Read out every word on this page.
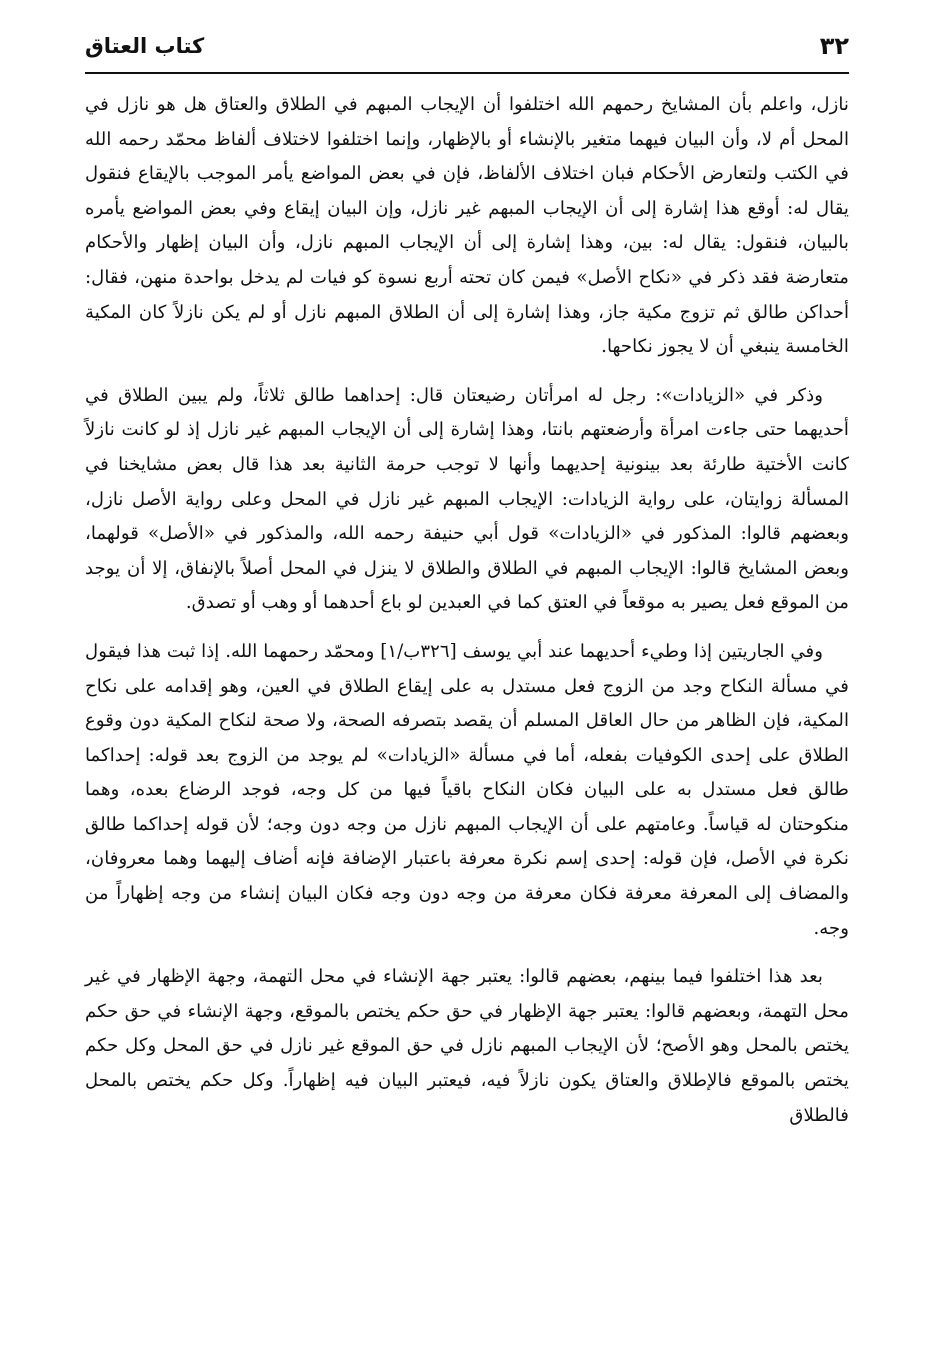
٣٢
كتاب العتاق

نازل، واعلم بأن المشايخ رحمهم الله اختلفوا أن الإيجاب المبهم في الطلاق والعتاق هل هو نازل في المحل أم لا، وأن البيان فيهما متغير بالإنشاء أو بالإظهار، وإنما اختلفوا لاختلاف ألفاظ محمّد رحمه الله في الكتب ولتعارض الأحكام فبان اختلاف الألفاظ، فإن في بعض المواضع يأمر الموجب بالإيقاع فنقول يقال له: أوقع هذا إشارة إلى أن الإيجاب المبهم غير نازل، وإن البيان إيقاع وفي بعض المواضع يأمره بالبيان، فنقول: يقال له: بين، وهذا إشارة إلى أن الإيجاب المبهم نازل، وأن البيان إظهار والأحكام متعارضة فقد ذكر في «نكاح الأصل» فيمن كان تحته أربع نسوة كو فيات لم يدخل بواحدة منهن، فقال: أحداكن طالق ثم تزوج مكية جاز، وهذا إشارة إلى أن الطلاق المبهم نازل أو لم يكن نازلاً كان المكية الخامسة ينبغي أن لا يجوز نكاحها.

وذكر في «الزيادات»: رجل له امرأتان رضيعتان قال: إحداهما طالق ثلاثاً، ولم يبين الطلاق في أحديهما حتى جاءت امرأة وأرضعتهم بانتا، وهذا إشارة إلى أن الإيجاب المبهم غير نازل إذ لو كانت نازلاً كانت الأختية طارئة بعد بينونية إحديهما وأنها لا توجب حرمة الثانية بعد هذا قال بعض مشايخنا في المسألة زوايتان، على رواية الزيادات: الإيجاب المبهم غير نازل في المحل وعلى رواية الأصل نازل، وبعضهم قالوا: المذكور في «الزيادات» قول أبي حنيفة رحمه الله، والمذكور في «الأصل» قولهما، وبعض المشايخ قالوا: الإيجاب المبهم في الطلاق والطلاق لا ينزل في المحل أصلاً بالإنفاق، إلا أن يوجد من الموقع فعل يصير به موقعاً في العتق كما في العبدين لو باع أحدهما أو وهب أو تصدق.

وفي الجاريتين إذا وطيء أحديهما عند أبي يوسف [٣٢٦ب/١] ومحمّد رحمهما الله. إذا ثبت هذا فيقول في مسألة النكاح وجد من الزوج فعل مستدل به على إيقاع الطلاق في العين، وهو إقدامه على نكاح المكية، فإن الظاهر من حال العاقل المسلم أن يقصد بتصرفه الصحة، ولا صحة لنكاح المكية دون وقوع الطلاق على إحدى الكوفيات بفعله، أما في مسألة «الزيادات» لم يوجد من الزوج بعد قوله: إحداكما طالق فعل مستدل به على البيان فكان النكاح باقياً فيها من كل وجه، فوجد الرضاع بعده، وهما منكوحتان له قياساً. وعامتهم على أن الإيجاب المبهم نازل من وجه دون وجه؛ لأن قوله إحداكما طالق نكرة في الأصل، فإن قوله: إحدى إسم نكرة معرفة باعتبار الإضافة فإنه أضاف إليهما وهما معروفان، والمضاف إلى المعرفة معرفة فكان معرفة من وجه دون وجه فكان البيان إنشاء من وجه إظهاراً من وجه.

بعد هذا اختلفوا فيما بينهم، بعضهم قالوا: يعتبر جهة الإنشاء في محل التهمة، وجهة الإظهار في غير محل التهمة، وبعضهم قالوا: يعتبر جهة الإظهار في حق حكم يختص بالموقع، وجهة الإنشاء في حق حكم يختص بالمحل وهو الأصح؛ لأن الإيجاب المبهم نازل في حق الموقع غير نازل في حق المحل وكل حكم يختص بالموقع فالإطلاق والعتاق يكون نازلاً فيه، فيعتبر البيان فيه إظهاراً. وكل حكم يختص بالمحل فالطلاق
